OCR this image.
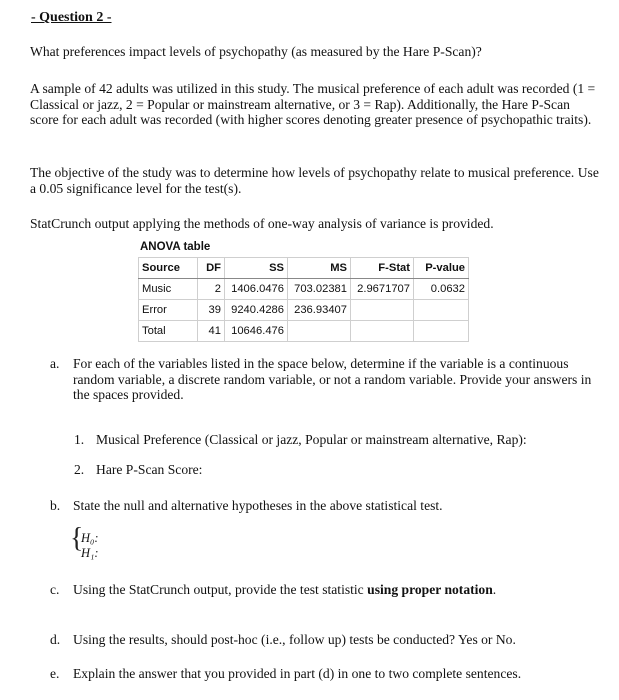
- Question 2 -
What preferences impact levels of psychopathy (as measured by the Hare P-Scan)?
A sample of 42 adults was utilized in this study. The musical preference of each adult was recorded (1 = Classical or jazz, 2 = Popular or mainstream alternative, or 3 = Rap). Additionally, the Hare P-Scan score for each adult was recorded (with higher scores denoting greater presence of psychopathic traits).
The objective of the study was to determine how levels of psychopathy relate to musical preference. Use a 0.05 significance level for the test(s).
StatCrunch output applying the methods of one-way analysis of variance is provided.
ANOVA table
Source	DF	SS	MS	F-Stat	P-value
Music	2	1406.0476	703.02381	2.9671707	0.0632
Error	39	9240.4286	236.93407		
Total	41	10646.476			
a. For each of the variables listed in the space below, determine if the variable is a continuous random variable, a discrete random variable, or not a random variable. Provide your answers in the spaces provided.
1. Musical Preference (Classical or jazz, Popular or mainstream alternative, Rap):
2. Hare P-Scan Score:
b. State the null and alternative hypotheses in the above statistical test.
{
H₀:
H₁:
c. Using the StatCrunch output, provide the test statistic using proper notation.
d. Using the results, should post-hoc (i.e., follow up) tests be conducted? Yes or No.
e. Explain the answer that you provided in part (d) in one to two complete sentences.
